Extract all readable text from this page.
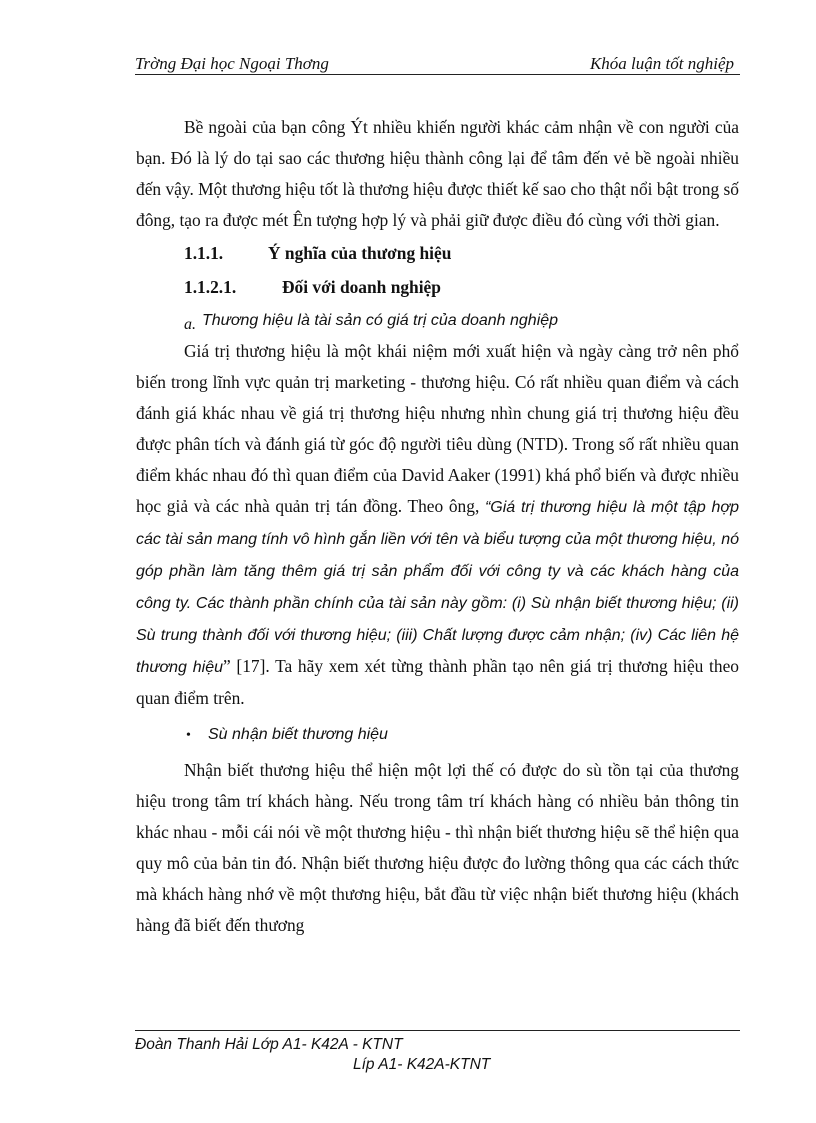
Trờng Đại học Ngoại Thơng	Khóa luận tốt nghiệp

Bề ngoài của bạn công Ýt nhiều khiến người khác cảm nhận về con người của bạn. Đó là lý do tại sao các thương hiệu thành công lại để tâm đến vẻ bề ngoài nhiều đến vậy. Một thương hiệu tốt là thương hiệu được thiết kế sao cho thật nổi bật trong số đông, tạo ra được mét Ên tượng hợp lý và phải giữ được điều đó cùng với thời gian.

1.1.1.	Ý nghĩa của thương hiệu
1.1.2.1.	Đối với doanh nghiệp
a. Thương hiệu là tài sản có giá trị của doanh nghiệp

Giá trị thương hiệu là một khái niệm mới xuất hiện và ngày càng trở nên phổ biến trong lĩnh vực quản trị marketing - thương hiệu. Có rất nhiều quan điểm và cách đánh giá khác nhau về giá trị thương hiệu nhưng nhìn chung giá trị thương hiệu đều được phân tích và đánh giá từ góc độ người tiêu dùng (NTD). Trong số rất nhiều quan điểm khác nhau đó thì quan điểm của David Aaker (1991) khá phổ biến và được nhiều học giả và các nhà quản trị tán đồng. Theo ông, “Giá trị thương hiệu là một tập hợp các tài sản mang tính vô hình gắn liền với tên và biểu tượng của một thương hiệu, nó góp phần làm tăng thêm giá trị sản phẩm đối với công ty và các khách hàng của công ty. Các thành phần chính của tài sản này gồm: (i) Sù nhận biết thương hiệu; (ii) Sù trung thành đối với thương hiệu; (iii) Chất lượng được cảm nhận; (iv) Các liên hệ thương hiệu” [17]. Ta hãy xem xét từng thành phần tạo nên giá trị thương hiệu theo quan điểm trên.

• Sù nhận biết thương hiệu

Nhận biết thương hiệu thể hiện một lợi thế có được do sù tồn tại của thương hiệu trong tâm trí khách hàng. Nếu trong tâm trí khách hàng có nhiều bản thông tin khác nhau - mỗi cái nói về một thương hiệu - thì nhận biết thương hiệu sẽ thể hiện qua quy mô của bản tin đó. Nhận biết thương hiệu được đo lường thông qua các cách thức mà khách hàng nhớ về một thương hiệu, bắt đầu từ việc nhận biết thương hiệu (khách hàng đã biết đến thương

Đoàn Thanh Hải Lớp A1- K42A - KTNT
Líp A1- K42A-KTNT
